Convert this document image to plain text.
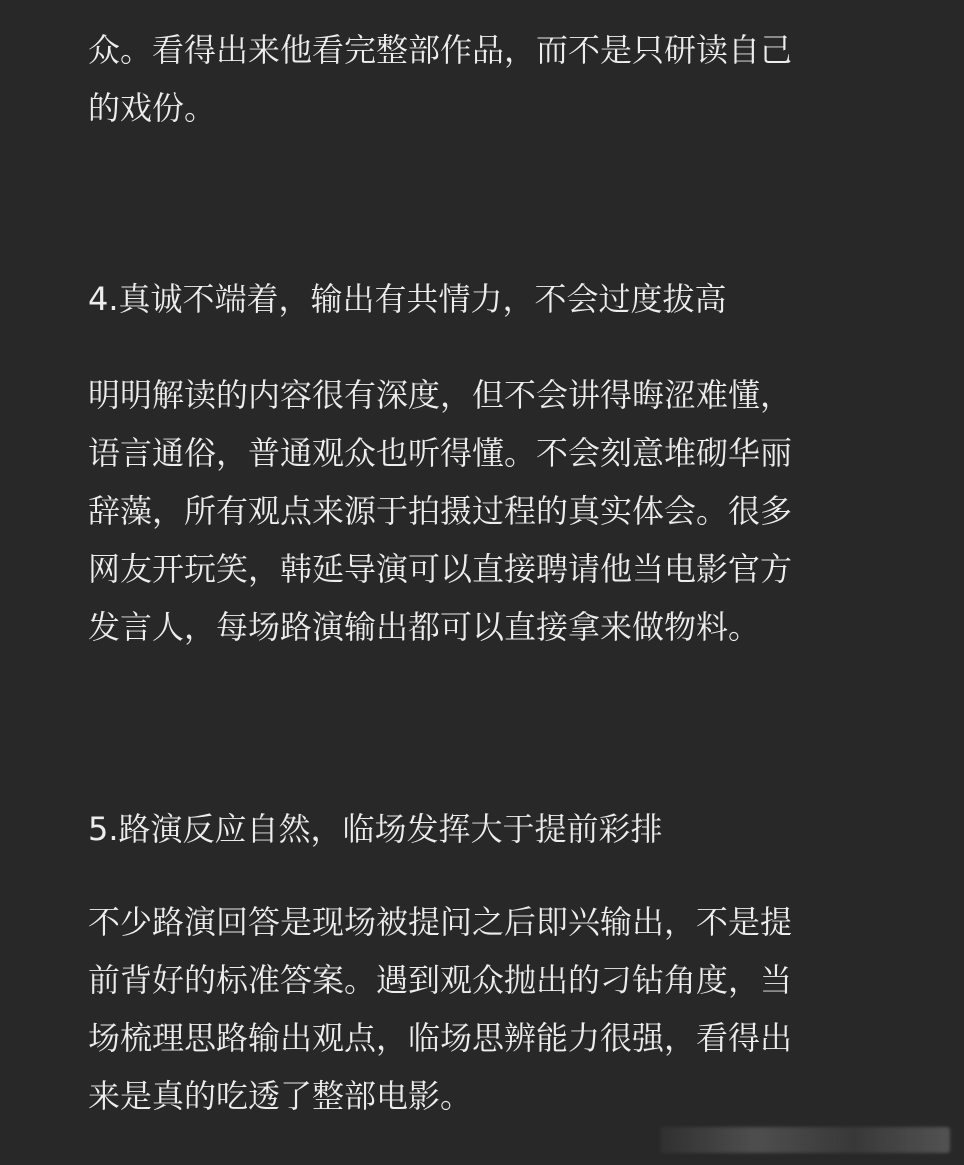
众。看得出来他看完整部作品，而不是只研读自己
的戏份。

4.真诚不端着，输出有共情力，不会过度拔高

明明解读的内容很有深度，但不会讲得晦涩难懂，
语言通俗，普通观众也听得懂。不会刻意堆砌华丽
辞藻，所有观点来源于拍摄过程的真实体会。很多
网友开玩笑，韩延导演可以直接聘请他当电影官方
发言人，每场路演输出都可以直接拿来做物料。

5.路演反应自然，临场发挥大于提前彩排

不少路演回答是现场被提问之后即兴输出，不是提
前背好的标准答案。遇到观众抛出的刁钻角度，当
场梳理思路输出观点，临场思辨能力很强，看得出
来是真的吃透了整部电影。
